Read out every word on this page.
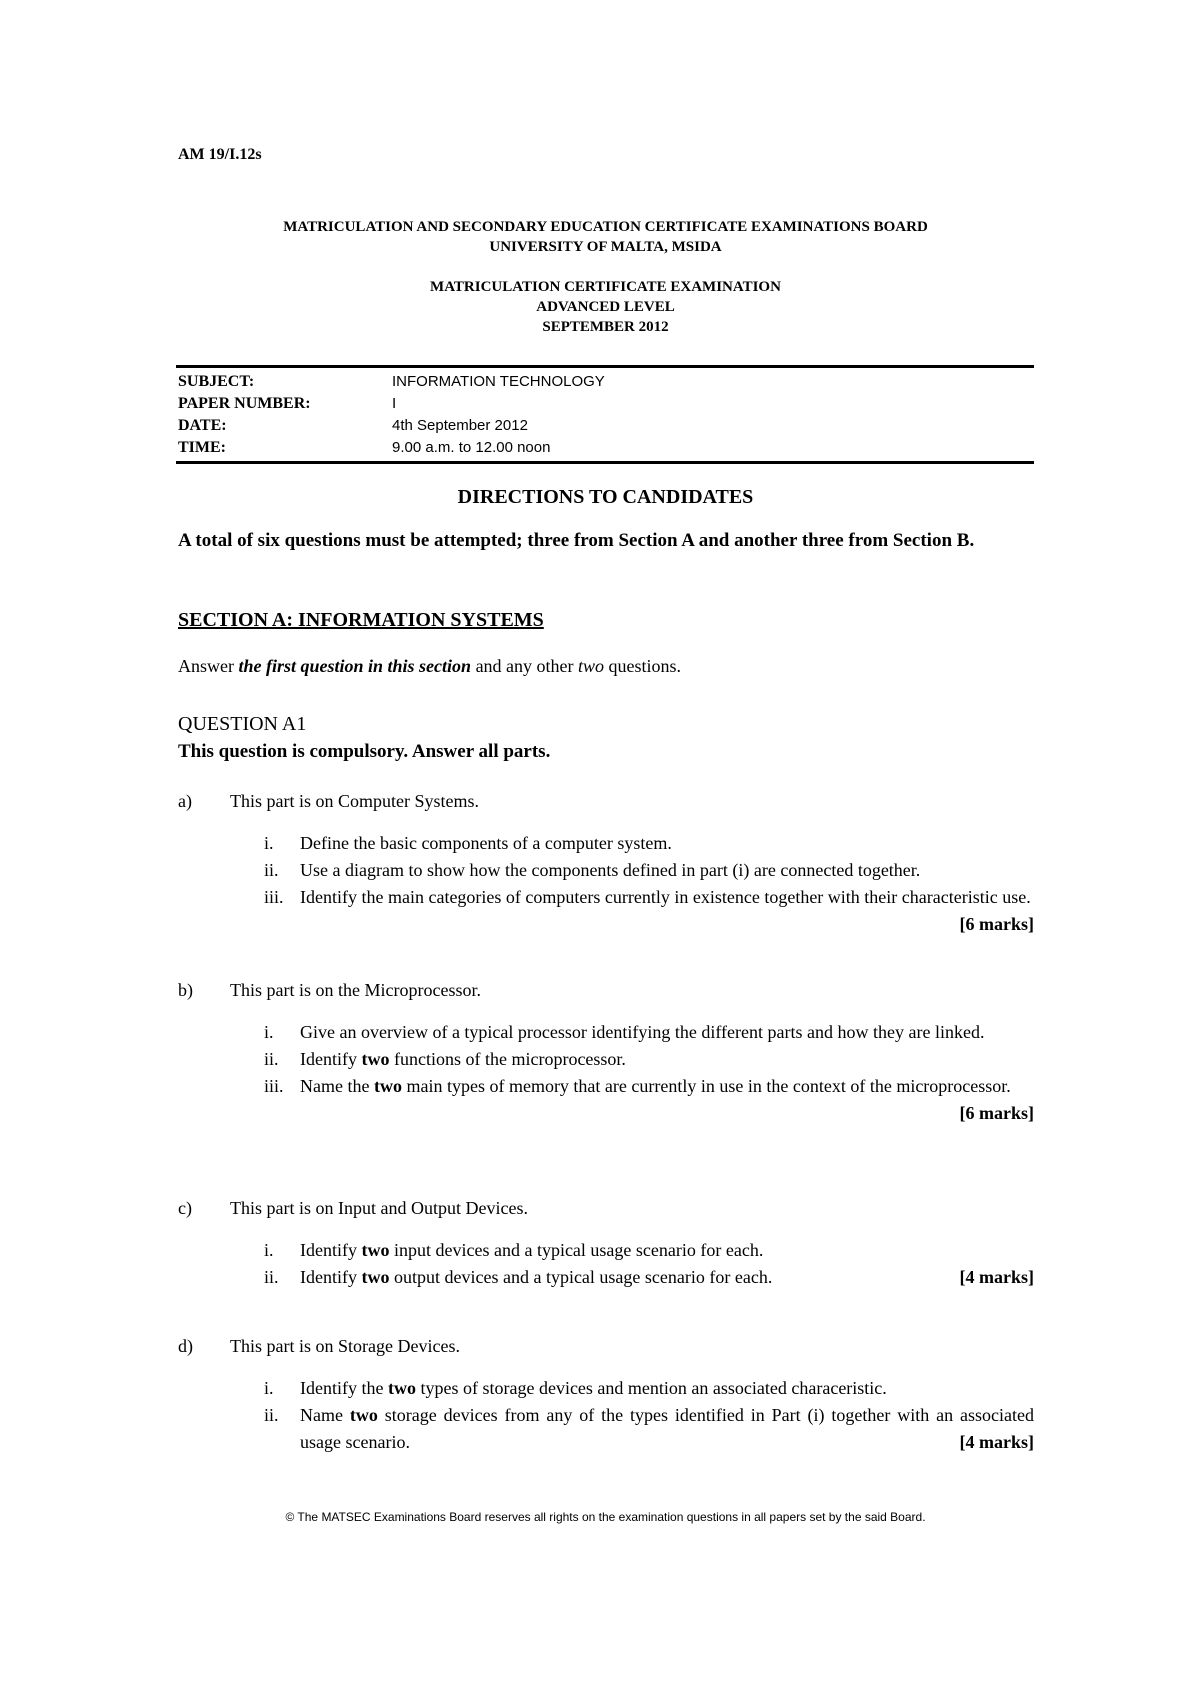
AM 19/I.12s
MATRICULATION AND SECONDARY EDUCATION CERTIFICATE EXAMINATIONS BOARD
UNIVERSITY OF MALTA, MSIDA
MATRICULATION CERTIFICATE EXAMINATION
ADVANCED LEVEL
SEPTEMBER 2012
SUBJECT:	INFORMATION TECHNOLOGY
PAPER NUMBER:	I
DATE:	4th September 2012
TIME:	9.00 a.m. to 12.00 noon
DIRECTIONS TO CANDIDATES
A total of six questions must be attempted; three from Section A and another three from Section B.
SECTION A: INFORMATION SYSTEMS
Answer the first question in this section and any other two questions.
QUESTION A1
This question is compulsory. Answer all parts.
a)	This part is on Computer Systems.
i.	Define the basic components of a computer system.
ii.	Use a diagram to show how the components defined in part (i) are connected together.
iii. Identify the main categories of computers currently in existence together with their characteristic use.
[6 marks]
b)	This part is on the Microprocessor.
i.	Give an overview of a typical processor identifying the different parts and how they are linked.
ii.	Identify two functions of the microprocessor.
iii. Name the two main types of memory that are currently in use in the context of the microprocessor.
[6 marks]
c)	This part is on Input and Output Devices.
i.	Identify two input devices and a typical usage scenario for each.
ii.	Identify two output devices and a typical usage scenario for each.	[4 marks]
d)	This part is on Storage Devices.
i.	Identify the two types of storage devices and mention an associated characeristic.
ii.	Name two storage devices from any of the types identified in Part (i) together with an associated usage scenario.	[4 marks]
© The MATSEC Examinations Board reserves all rights on the examination questions in all papers set by the said Board.
